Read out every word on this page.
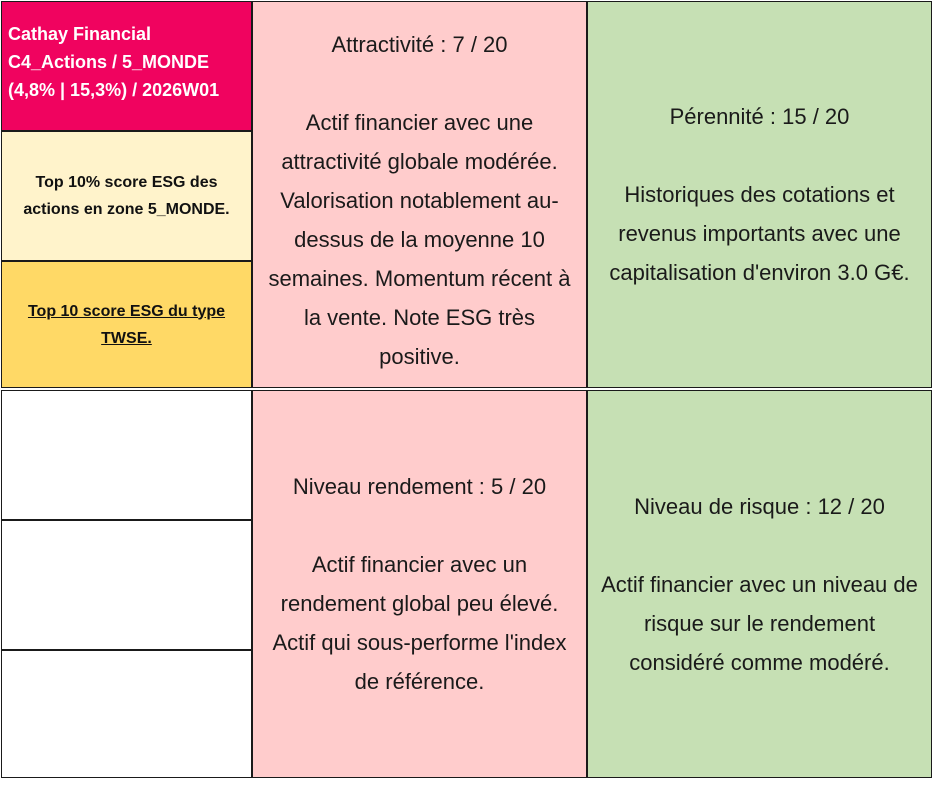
Cathay Financial
C4_Actions / 5_MONDE
(4,8% | 15,3%) / 2026W01
Top 10% score ESG des
actions en zone 5_MONDE.
Top 10 score ESG du type
TWSE.
Attractivité : 7 / 20
Actif financier avec une
attractivité globale modérée.
Valorisation notablement au-
dessus de la moyenne 10
semaines. Momentum récent à
la vente. Note ESG très
positive.
Pérennité : 15 / 20
Historiques des cotations et
revenus importants avec une
capitalisation d'environ 3.0 G€.
Niveau rendement : 5 / 20
Actif financier avec un
rendement global peu élevé.
Actif qui sous-performe l'index
de référence.
Niveau de risque : 12 / 20
Actif financier avec un niveau de
risque sur le rendement
considéré comme modéré.
